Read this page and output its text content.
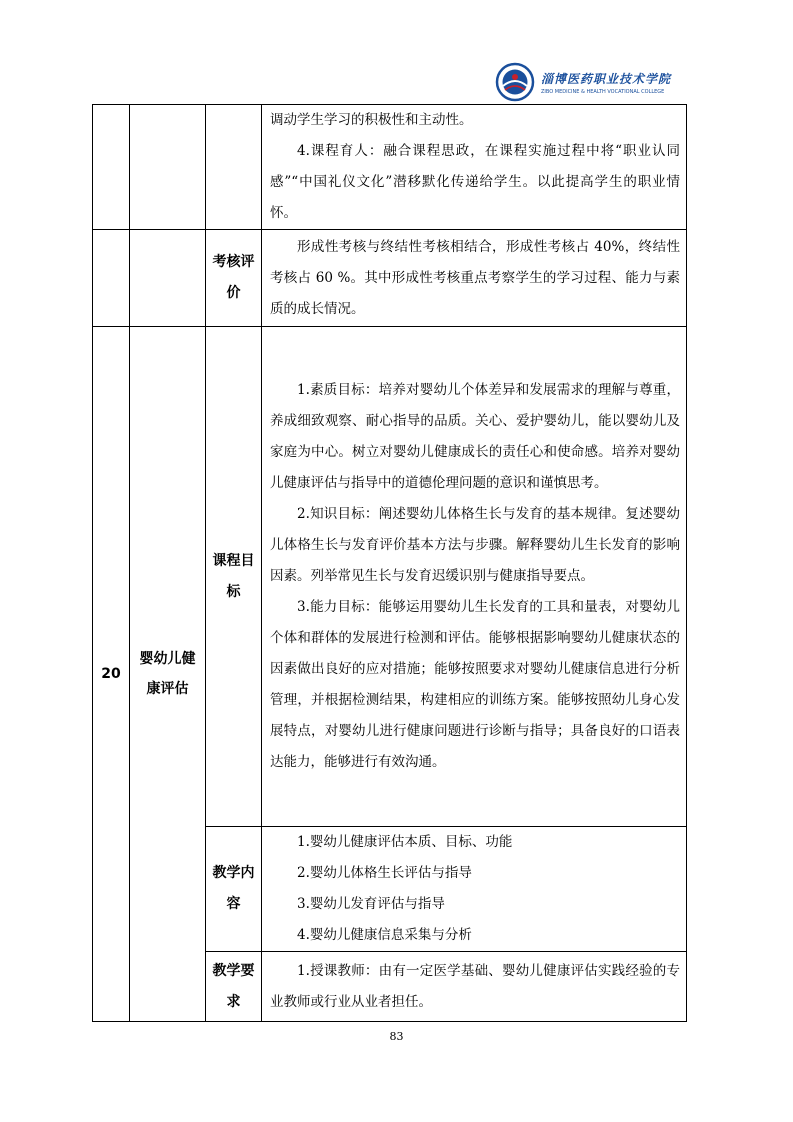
淄博医药职业技术学院
ZIBO MEDICINE & HEALTH VOCATIONAL COLLEGE

			调动学生学习的积极性和主动性。

4.课程育人：融合课程思政，在课程实施过程中将“职业认同感”“中国礼仪文化”潜移默化传递给学生。以此提高学生的职业情怀。

		考核评价	形成性考核与终结性考核相结合，形成性考核占 40%，终结性考核占 60 %。其中形成性考核重点考察学生的学习过程、能力与素质的成长情况。

20	婴幼儿健康评估	课程目标	1.素质目标：培养对婴幼儿个体差异和发展需求的理解与尊重，养成细致观察、耐心指导的品质。关心、爱护婴幼儿，能以婴幼儿及家庭为中心。树立对婴幼儿健康成长的责任心和使命感。培养对婴幼儿健康评估与指导中的道德伦理问题的意识和谨慎思考。

2.知识目标：阐述婴幼儿体格生长与发育的基本规律。复述婴幼儿体格生长与发育评价基本方法与步骤。解释婴幼儿生长发育的影响因素。列举常见生长与发育迟缓识别与健康指导要点。

3.能力目标：能够运用婴幼儿生长发育的工具和量表，对婴幼儿个体和群体的发展进行检测和评估。能够根据影响婴幼儿健康状态的因素做出良好的应对措施；能够按照要求对婴幼儿健康信息进行分析管理，并根据检测结果，构建相应的训练方案。能够按照幼儿身心发展特点，对婴幼儿进行健康问题进行诊断与指导；具备良好的口语表达能力，能够进行有效沟通。

		教学内容	1.婴幼儿健康评估本质、目标、功能

2.婴幼儿体格生长评估与指导

3.婴幼儿发育评估与指导

4.婴幼儿健康信息采集与分析

		教学要求	1.授课教师：由有一定医学基础、婴幼儿健康评估实践经验的专业教师或行业从业者担任。

83
